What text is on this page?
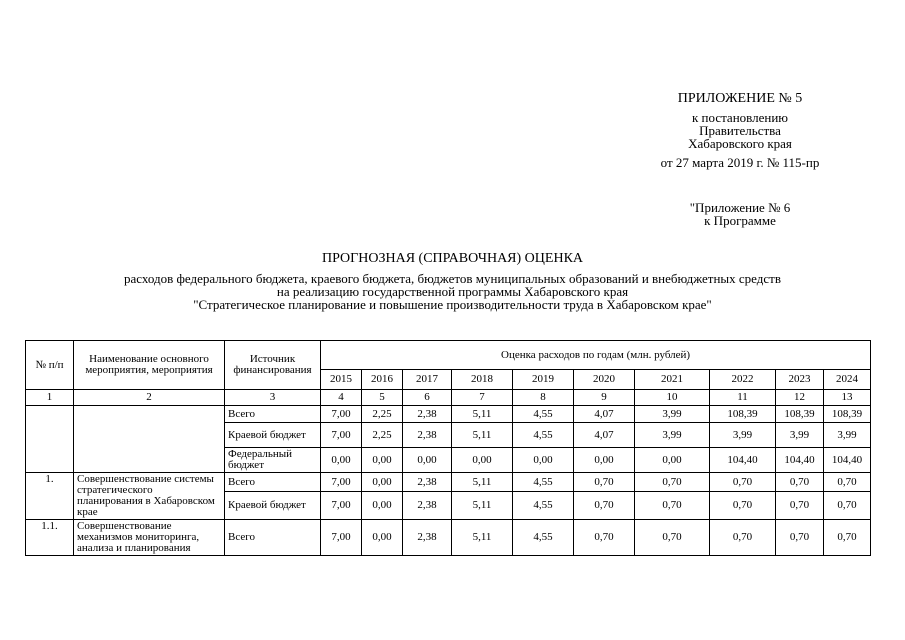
ПРИЛОЖЕНИЕ № 5
к постановлению
Правительства
Хабаровского края
от 27 марта 2019 г. № 115-пр
"Приложение № 6
к Программе
ПРОГНОЗНАЯ (СПРАВОЧНАЯ) ОЦЕНКА
расходов федерального бюджета, краевого бюджета, бюджетов муниципальных образований и внебюджетных средств
на реализацию государственной программы Хабаровского края
"Стратегическое планирование и повышение производительности труда в Хабаровском крае"
№ п/п	Наименование основного мероприятия, мероприятия	Источник финансирования	Оценка расходов по годам (млн. рублей)									
			2015	2016	2017	2018	2019	2020	2021	2022	2023	2024
1	2	3	4	5	6	7	8	9	10	11	12	13
		Всего	7,00	2,25	2,38	5,11	4,55	4,07	3,99	108,39	108,39	108,39
		Краевой бюджет	7,00	2,25	2,38	5,11	4,55	4,07	3,99	3,99	3,99	3,99
		Федеральный бюджет	0,00	0,00	0,00	0,00	0,00	0,00	0,00	104,40	104,40	104,40
1.	Совершенствование системы стратегического планирования в Хабаровском крае	Всего	7,00	0,00	2,38	5,11	4,55	0,70	0,70	0,70	0,70	0,70
		Краевой бюджет	7,00	0,00	2,38	5,11	4,55	0,70	0,70	0,70	0,70	0,70
1.1.	Совершенствование механизмов мониторинга, анализа и планирования	Всего	7,00	0,00	2,38	5,11	4,55	0,70	0,70	0,70	0,70	0,70
